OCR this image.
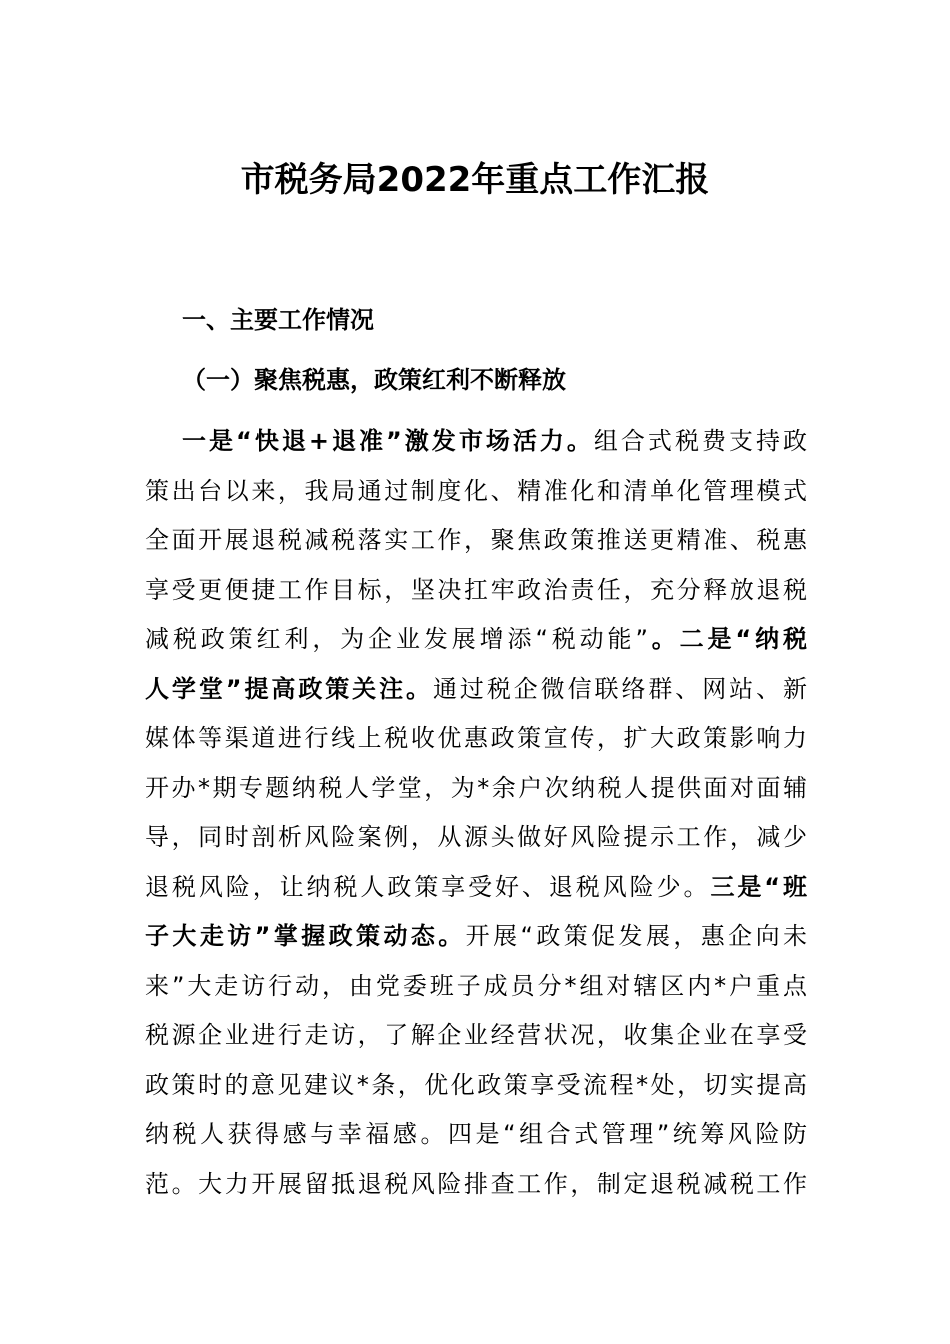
市税务局2022年重点工作汇报
一、主要工作情况
（一）聚焦税惠，政策红利不断释放
一是“快退+退准”激发市场活力。组合式税费支持政
策出台以来，我局通过制度化、精准化和清单化管理模式
全面开展退税减税落实工作，聚焦政策推送更精准、税惠
享受更便捷工作目标，坚决扛牢政治责任，充分释放退税
减税政策红利，为企业发展增添“税动能”。二是“纳税
人学堂”提高政策关注。通过税企微信联络群、网站、新
媒体等渠道进行线上税收优惠政策宣传，扩大政策影响力
开办*期专题纳税人学堂，为*余户次纳税人提供面对面辅
导，同时剖析风险案例，从源头做好风险提示工作，减少
退税风险，让纳税人政策享受好、退税风险少。三是“班
子大走访”掌握政策动态。开展“政策促发展，惠企向未
来”大走访行动，由党委班子成员分*组对辖区内*户重点
税源企业进行走访，了解企业经营状况，收集企业在享受
政策时的意见建议*条，优化政策享受流程*处，切实提高
纳税人获得感与幸福感。四是“组合式管理”统筹风险防
范。大力开展留抵退税风险排查工作，制定退税减税工作
